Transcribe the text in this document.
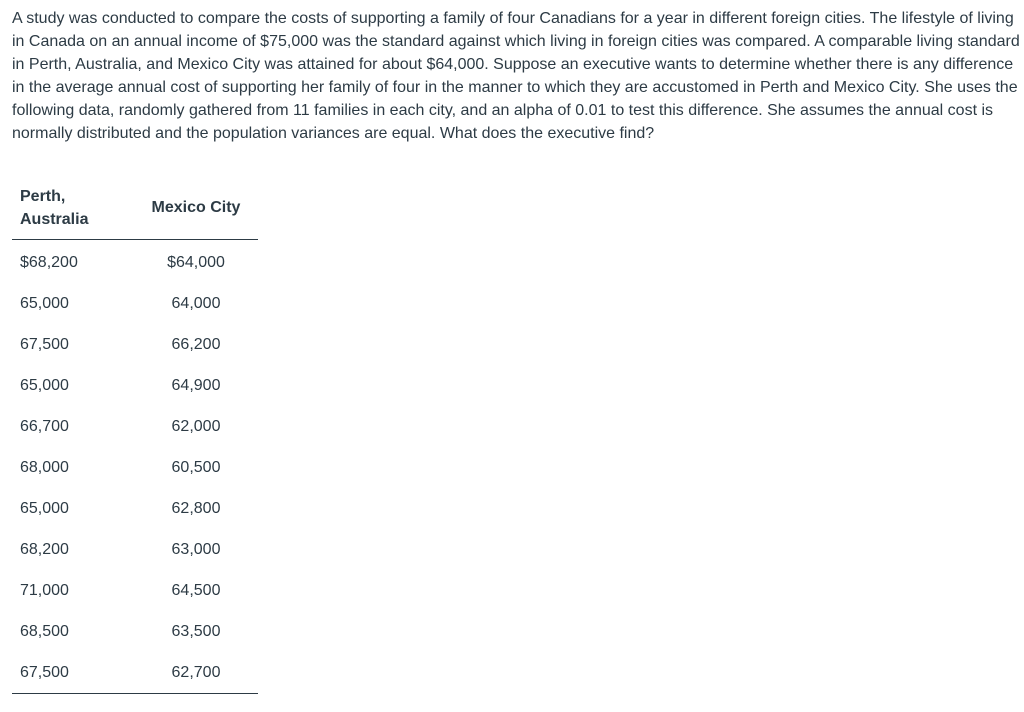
A study was conducted to compare the costs of supporting a family of four Canadians for a year in different foreign cities. The lifestyle of living in Canada on an annual income of $75,000 was the standard against which living in foreign cities was compared. A comparable living standard in Perth, Australia, and Mexico City was attained for about $64,000. Suppose an executive wants to determine whether there is any difference in the average annual cost of supporting her family of four in the manner to which they are accustomed in Perth and Mexico City. She uses the following data, randomly gathered from 11 families in each city, and an alpha of 0.01 to test this difference. She assumes the annual cost is normally distributed and the population variances are equal. What does the executive find?

Perth,
Australia	Mexico City
$68,200	$64,000
65,000	64,000
67,500	66,200
65,000	64,900
66,700	62,000
68,000	60,500
65,000	62,800
68,200	63,000
71,000	64,500
68,500	63,500
67,500	62,700
